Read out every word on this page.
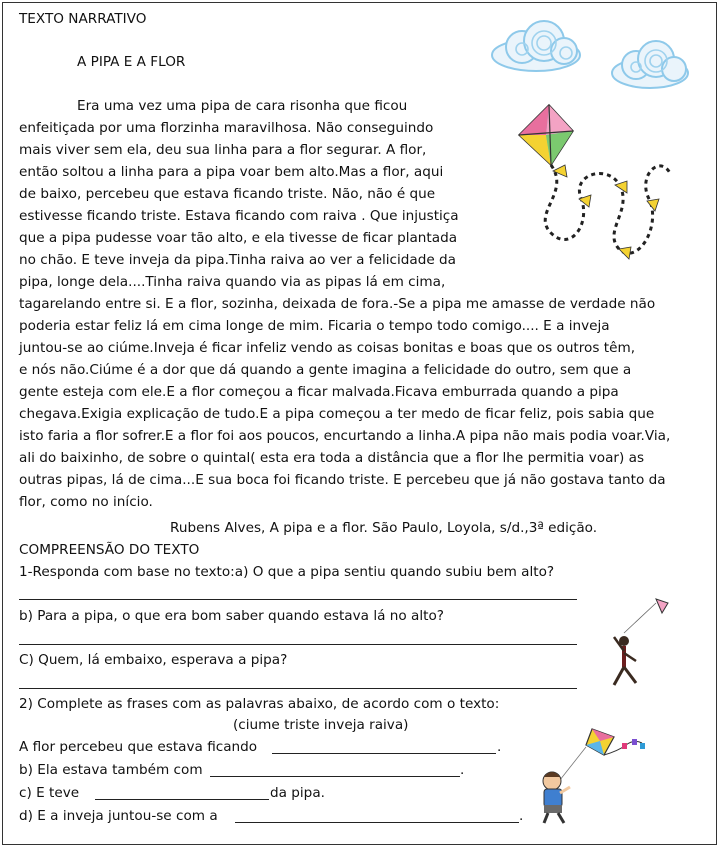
TEXTO NARRATIVO
A PIPA E A FLOR
Era uma vez uma pipa de cara risonha que ficou
enfeitiçada por uma florzinha maravilhosa. Não conseguindo
mais viver sem ela, deu sua linha para a flor segurar. A flor,
então soltou a linha para a pipa voar bem alto.Mas a flor, aqui
de baixo, percebeu que estava ficando triste. Não, não é que
estivesse ficando triste. Estava ficando com raiva . Que injustiça
que a pipa pudesse voar tão alto, e ela tivesse de ficar plantada
no chão. E teve inveja da pipa.Tinha raiva ao ver a felicidade da
pipa, longe dela....Tinha raiva quando via as pipas lá em cima,
tagarelando entre si. E a flor, sozinha, deixada de fora.-Se a pipa me amasse de verdade não
poderia estar feliz lá em cima longe de mim. Ficaria o tempo todo comigo.... E a inveja
juntou-se ao ciúme.Inveja é ficar infeliz vendo as coisas bonitas e boas que os outros têm,
e nós não.Ciúme é a dor que dá quando a gente imagina a felicidade do outro, sem que a
gente esteja com ele.E a flor começou a ficar malvada.Ficava emburrada quando a pipa
chegava.Exigia explicação de tudo.E a pipa começou a ter medo de ficar feliz, pois sabia que
isto faria a flor sofrer.E a flor foi aos poucos, encurtando a linha.A pipa não mais podia voar.Via,
ali do baixinho, de sobre o quintal( esta era toda a distância que a flor lhe permitia voar) as
outras pipas, lá de cima...E sua boca foi ficando triste. E percebeu que já não gostava tanto da
flor, como no início.
Rubens Alves, A pipa e a flor. São Paulo, Loyola, s/d.,3ª edição.
COMPREENSÃO DO TEXTO
1-Responda com base no texto:a) O que a pipa sentiu quando subiu bem alto?
b) Para a pipa, o que era bom saber quando estava lá no alto?
C) Quem, lá embaixo, esperava a pipa?
2) Complete as frases com as palavras abaixo, de acordo com o texto:
(ciume triste inveja raiva)
A flor percebeu que estava ficando	.
b) Ela estava também com	.
c) E teve	da pipa.
d) E a inveja juntou-se com a	.
